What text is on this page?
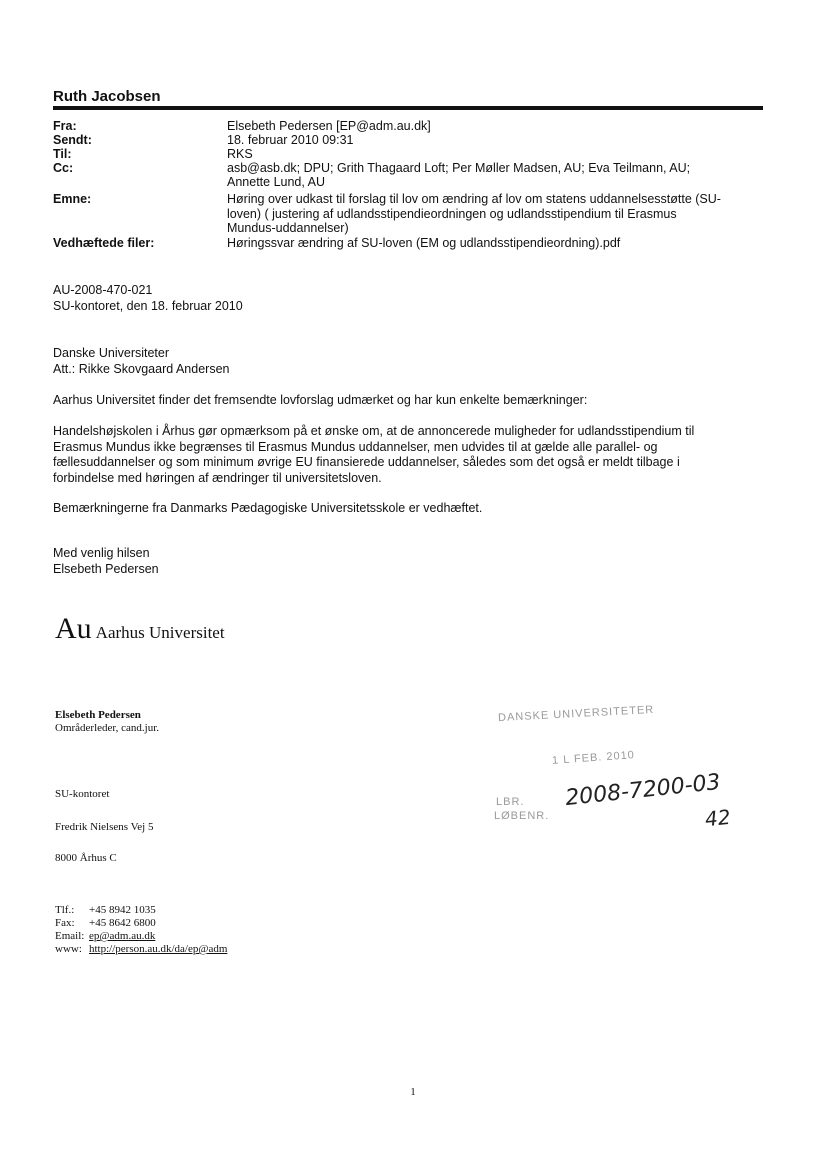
Ruth Jacobsen
Fra:	Elsebeth Pedersen [EP@adm.au.dk]
Sendt:	18. februar 2010 09:31
Til:	RKS
Cc:	asb@asb.dk; DPU; Grith Thagaard Loft; Per Møller Madsen, AU; Eva Teilmann, AU;
Annette Lund, AU
Emne:	Høring over udkast til forslag til lov om ændring af lov om statens uddannelsesstøtte (SU-
loven) ( justering af udlandsstipendieordningen og udlandsstipendium til Erasmus
Mundus-uddannelser)
Vedhæftede filer:	Høringssvar ændring af SU-loven (EM og udlandsstipendieordning).pdf

AU-2008-470-021

SU-kontoret, den 18. februar 2010

Danske Universiteter

Att.: Rikke Skovgaard Andersen

Aarhus Universitet finder det fremsendte lovforslag udmærket og har kun enkelte bemærkninger:

Handelshøjskolen i Århus gør opmærksom på et ønske om, at de annoncerede muligheder for udlandsstipendium til

Erasmus Mundus ikke begrænses til Erasmus Mundus uddannelser, men udvides til at gælde alle parallel- og

fællesuddannelser og som minimum øvrige EU finansierede uddannelser, således som det også er meldt tilbage i

forbindelse med høringen af ændringer til universitetsloven.

Bemærkningerne fra Danmarks Pædagogiske Universitetsskole er vedhæftet.

Med venlig hilsen

Elsebeth Pedersen

Au Aarhus Universitet
Elsebeth Pedersen
Områderleder, cand.jur.
SU-kontoret
Fredrik Nielsens Vej 5
8000 Århus C
Tlf.: +45 8942 1035
Fax: +45 8642 6800
Email: ep@adm.au.dk
www: http://person.au.dk/da/ep@adm
DANSKE UNIVERSITETER
1 L FEB. 2010
LBR.
LØBENR.
2008-7200-03
42
1
